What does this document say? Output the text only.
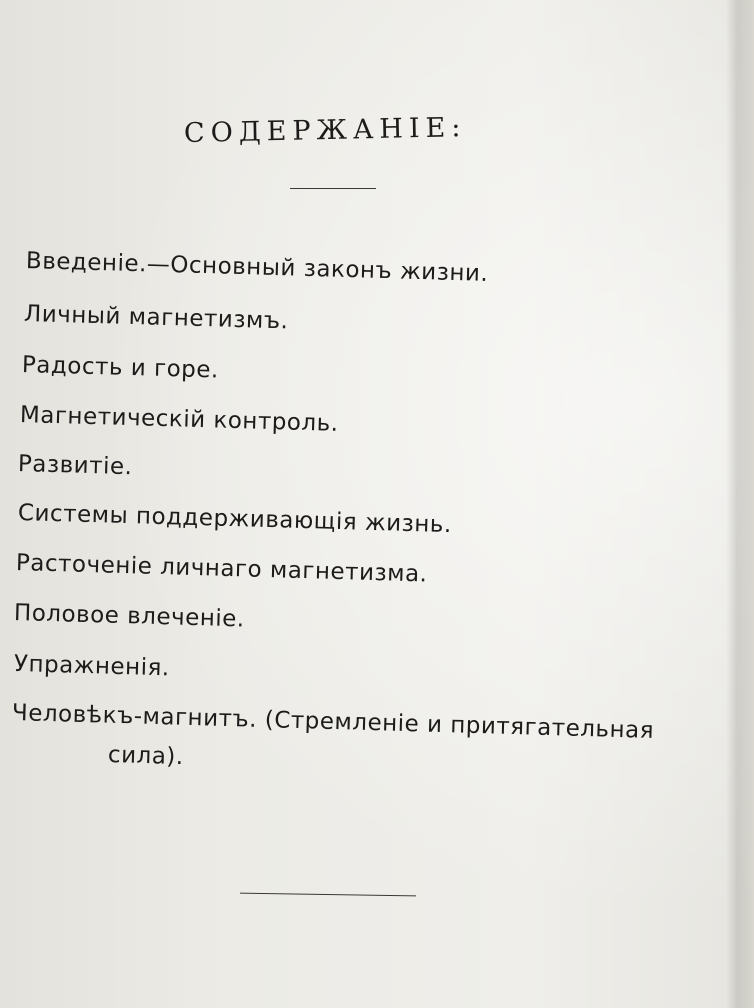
СОДЕРЖАНІЕ:
Введеніе.—Основный законъ жизни.
Личный магнетизмъ.
Радость и горе.
Магнетическій контроль.
Развитіе.
Системы поддерживающія жизнь.
Расточеніе личнаго магнетизма.
Половое влеченіе.
Упражненія.
Человѣкъ-магнитъ. (Стремленіе и притягательная
сила).
